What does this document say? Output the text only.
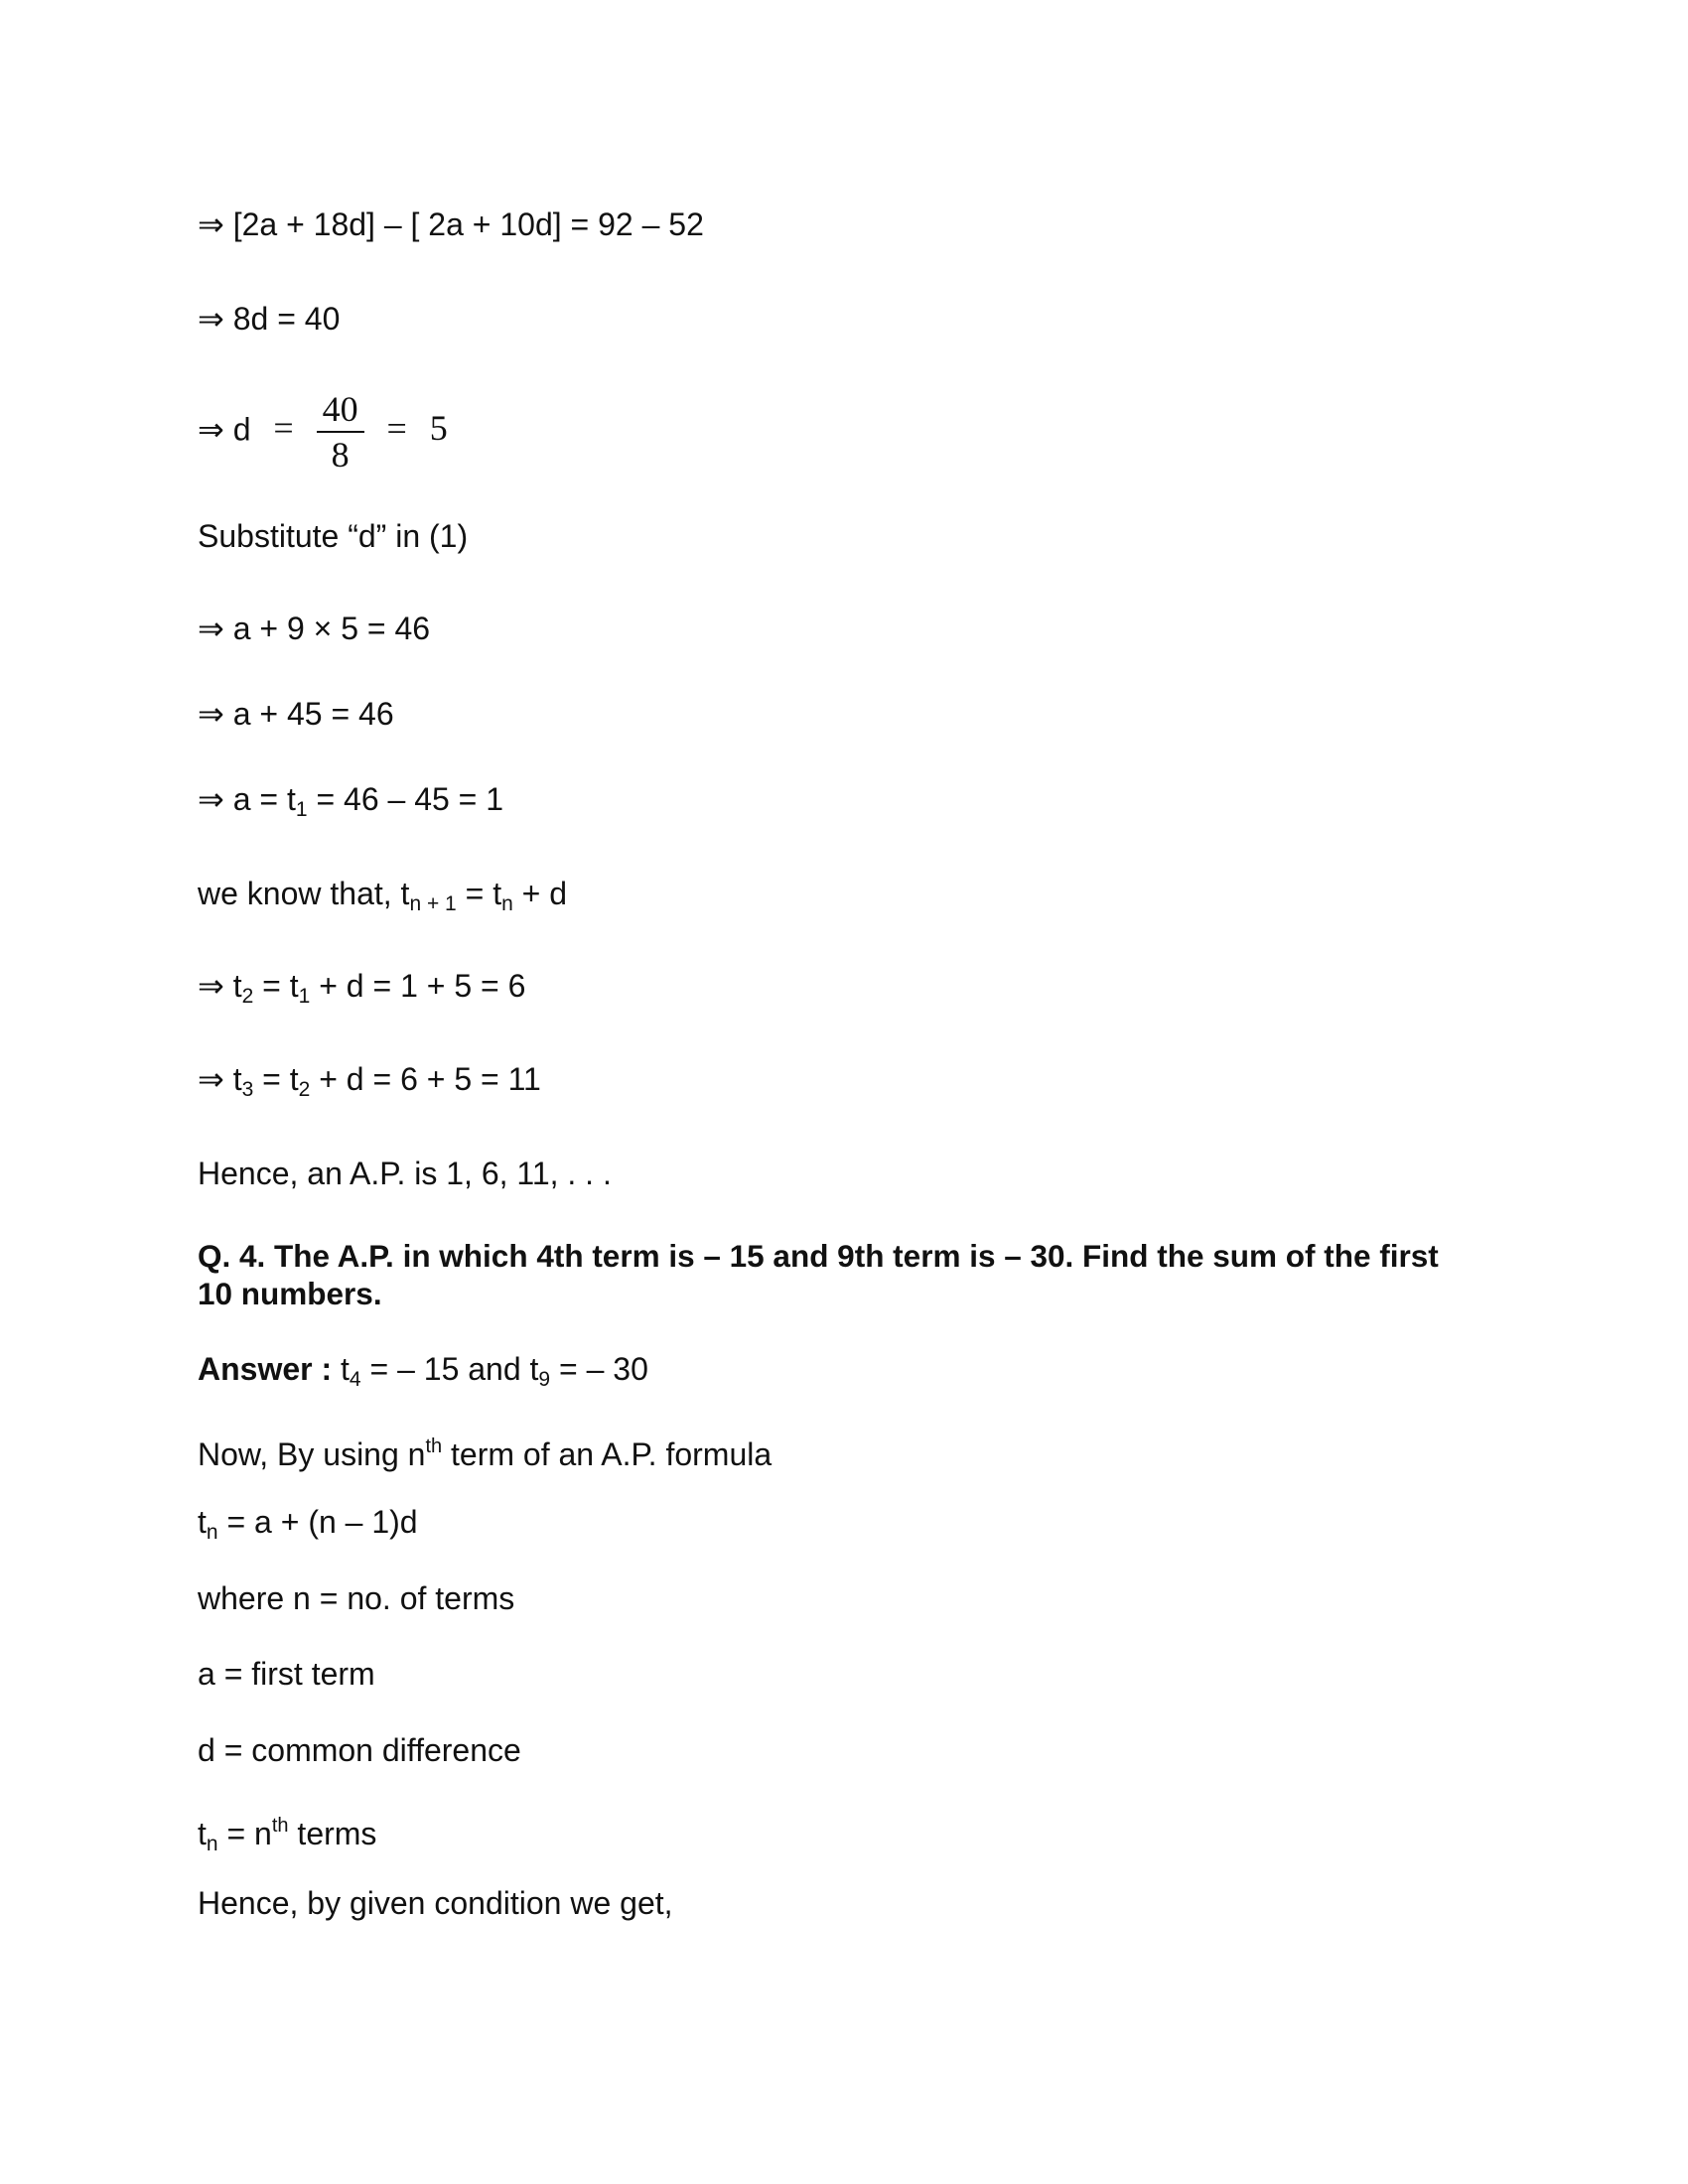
⇒ [2a + 18d] – [ 2a + 10d] = 92 – 52
⇒ 8d = 40
⇒ $d = \frac{40}{8} = 5$
Substitute “d” in (1)
⇒ a + 9 × 5 = 46
⇒ a + 45 = 46
⇒ $a = t_1 = 46 - 45 = 1$
we know that, $t_{n + 1} = t_n + d$
⇒ $t_2 = t_1 + d = 1 + 5 = 6$
⇒ $t_3 = t_2 + d = 6 + 5 = 11$
Hence, an A.P. is 1, 6, 11, . . .
Q. 4. The A.P. in which 4th term is – 15 and 9th term is – 30. Find the sum of the first 10 numbers.
Answer : $t_4$ = – 15 and $t_9$ = – 30
Now, By using $n^{th}$ term of an A.P. formula
$t_n = a + (n - 1)d$
where n = no. of terms
a = first term
d = common difference
$t_n = n^{th}$ terms
Hence, by given condition we get,
